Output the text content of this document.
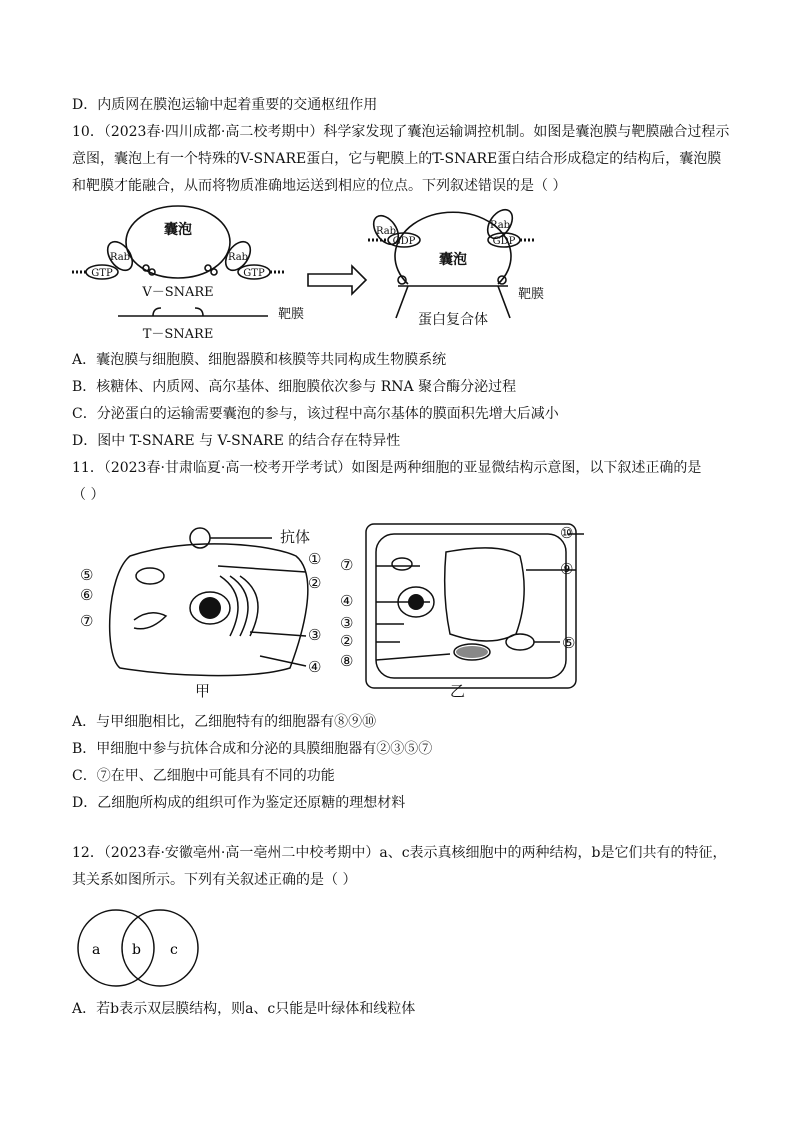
D．内质网在膜泡运输中起着重要的交通枢纽作用
10．（2023春·四川成都·高二校考期中）科学家发现了囊泡运输调控机制。如图是囊泡膜与靶膜融合过程示
意图，囊泡上有一个特殊的V-SNARE蛋白，它与靶膜上的T-SNARE蛋白结合形成稳定的结构后，囊泡膜
和靶膜才能融合，从而将物质准确地运送到相应的位点。下列叙述错误的是（ ）
囊泡
Rab
GTP
Rab
GTP
V－SNARE
靶膜
T－SNARE
囊泡
Rab
GDP
Rab
GDP
靶膜
蛋白复合体
A．囊泡膜与细胞膜、细胞器膜和核膜等共同构成生物膜系统
B．核糖体、内质网、高尔基体、细胞膜依次参与 RNA 聚合酶分泌过程
C．分泌蛋白的运输需要囊泡的参与，该过程中高尔基体的膜面积先增大后减小
D．图中 T-SNARE 与 V-SNARE 的结合存在特异性
11．（2023春·甘肃临夏·高一校考开学考试）如图是两种细胞的亚显微结构示意图，以下叙述正确的是
（ ）
抗体
①
②
③
④
⑤
⑥
⑦
甲
⑦
④
③
②
⑧
⑩
⑨
⑤
乙
A．与甲细胞相比，乙细胞特有的细胞器有⑧⑨⑩
B．甲细胞中参与抗体合成和分泌的具膜细胞器有②③⑤⑦
C．⑦在甲、乙细胞中可能具有不同的功能
D．乙细胞所构成的组织可作为鉴定还原糖的理想材料
12．（2023春·安徽亳州·高一亳州二中校考期中）a、c表示真核细胞中的两种结构，b是它们共有的特征，
其关系如图所示。下列有关叙述正确的是（ ）
a b c
A．若b表示双层膜结构，则a、c只能是叶绿体和线粒体
